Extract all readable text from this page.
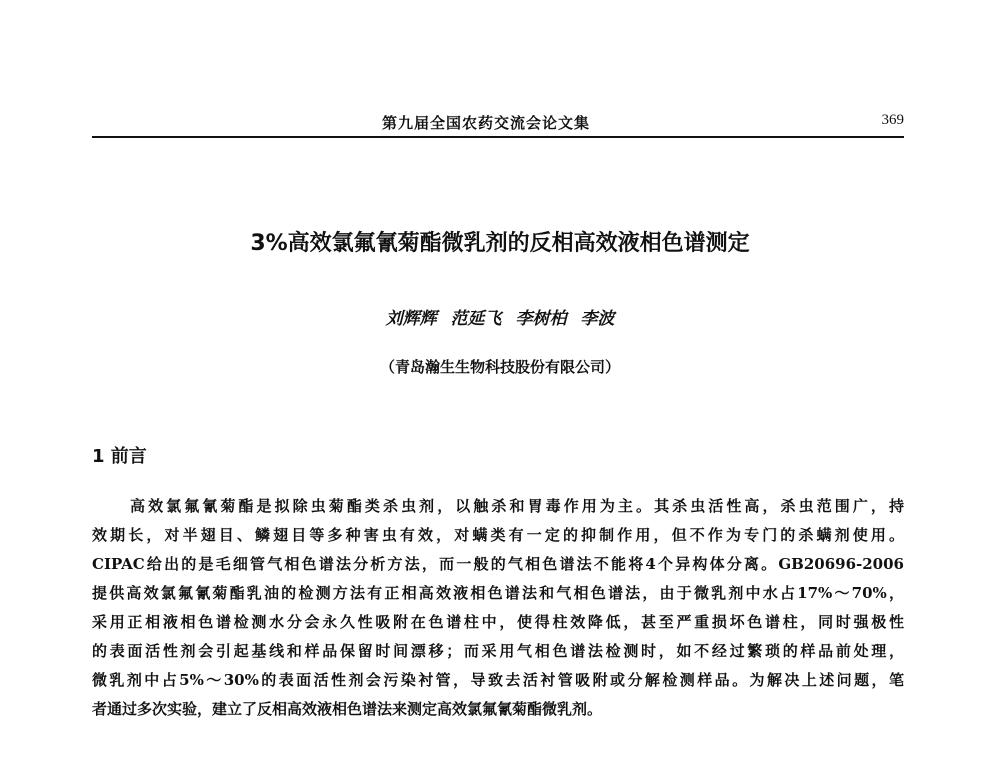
第九届全国农药交流会论文集	369
3%高效氯氟氰菊酯微乳剂的反相高效液相色谱测定
刘辉辉 范延飞 李树柏 李波
（青岛瀚生生物科技股份有限公司）
1 前言
高效氯氟氰菊酯是拟除虫菊酯类杀虫剂，以触杀和胃毒作用为主。其杀虫活性高，杀虫范围广，持
效期长，对半翅目、鳞翅目等多种害虫有效，对螨类有一定的抑制作用，但不作为专门的杀螨剂使用。
CIPAC给出的是毛细管气相色谱法分析方法，而一般的气相色谱法不能将4个异构体分离。GB20696-2006
提供高效氯氟氰菊酯乳油的检测方法有正相高效液相色谱法和气相色谱法，由于微乳剂中水占17%～70%，
采用正相液相色谱检测水分会永久性吸附在色谱柱中，使得柱效降低，甚至严重损坏色谱柱，同时强极性
的表面活性剂会引起基线和样品保留时间漂移；而采用气相色谱法检测时，如不经过繁琐的样品前处理，
微乳剂中占5%～30%的表面活性剂会污染衬管，导致去活衬管吸附或分解检测样品。为解决上述问题，笔
者通过多次实验，建立了反相高效液相色谱法来测定高效氯氟氰菊酯微乳剂。
